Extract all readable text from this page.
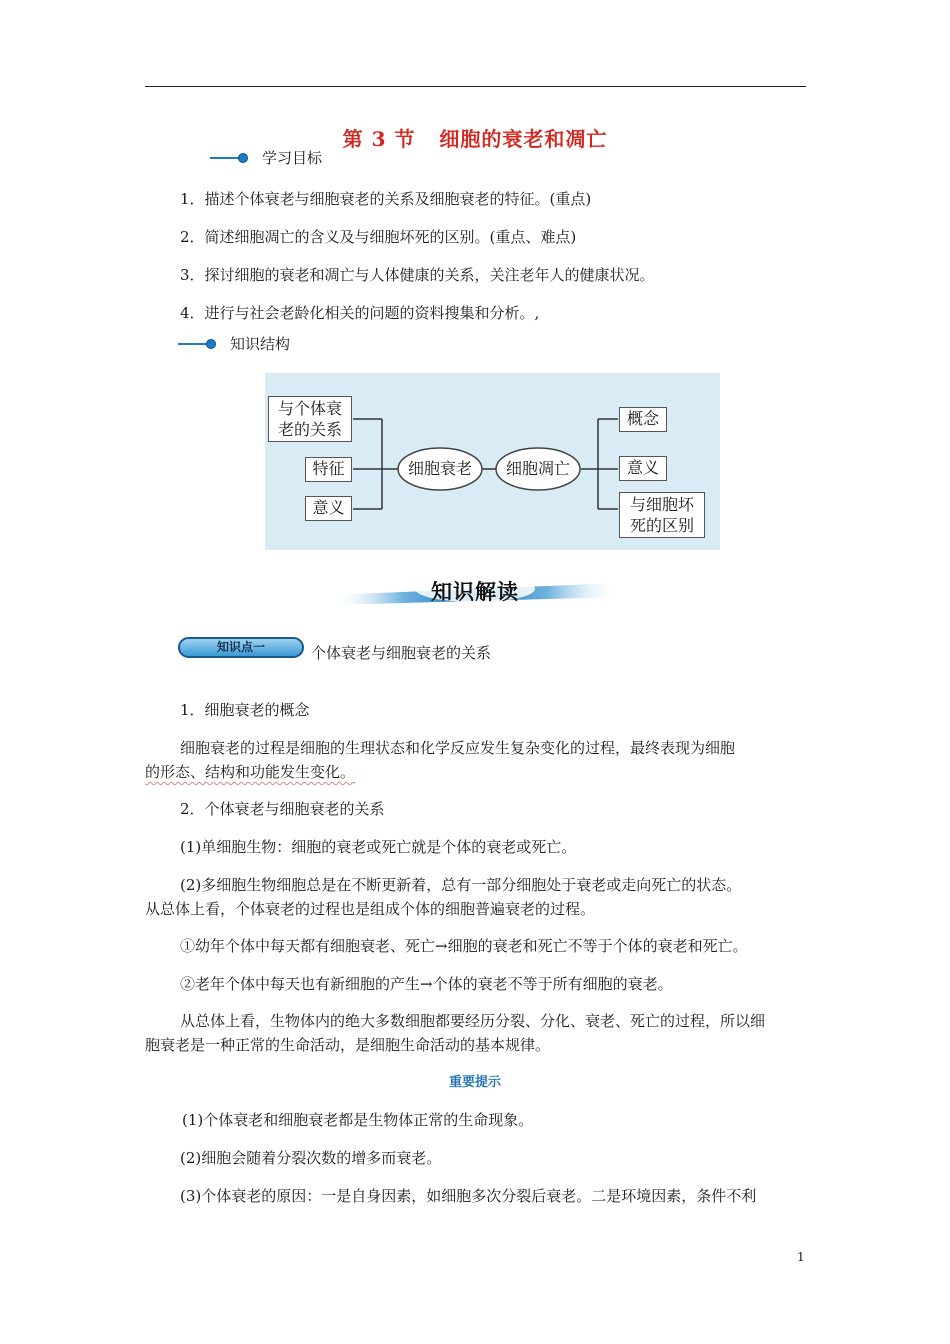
第 3 节 细胞的衰老和凋亡
学习目标
1．描述个体衰老与细胞衰老的关系及细胞衰老的特征。(重点)
2．简述细胞凋亡的含义及与细胞坏死的区别。(重点、难点)
3．探讨细胞的衰老和凋亡与人体健康的关系，关注老年人的健康状况。
4．进行与社会老龄化相关的问题的资料搜集和分析。,
知识结构
与个体衰
老的关系
特征
意义
细胞衰老	细胞凋亡
概念
意义
与细胞坏
死的区别
知识解读
知识点一	个体衰老与细胞衰老的关系
1．细胞衰老的概念
细胞衰老的过程是细胞的生理状态和化学反应发生复杂变化的过程，最终表现为细胞
的形态、结构和功能发生变化。
2．个体衰老与细胞衰老的关系
(1)单细胞生物：细胞的衰老或死亡就是个体的衰老或死亡。
(2)多细胞生物细胞总是在不断更新着，总有一部分细胞处于衰老或走向死亡的状态。
从总体上看，个体衰老的过程也是组成个体的细胞普遍衰老的过程。
①幼年个体中每天都有细胞衰老、死亡→细胞的衰老和死亡不等于个体的衰老和死亡。
②老年个体中每天也有新细胞的产生→个体的衰老不等于所有细胞的衰老。
从总体上看，生物体内的绝大多数细胞都要经历分裂、分化、衰老、死亡的过程，所以细
胞衰老是一种正常的生命活动，是细胞生命活动的基本规律。
重要提示
(1)个体衰老和细胞衰老都是生物体正常的生命现象。
(2)细胞会随着分裂次数的增多而衰老。
(3)个体衰老的原因：一是自身因素，如细胞多次分裂后衰老。二是环境因素，条件不利
1
